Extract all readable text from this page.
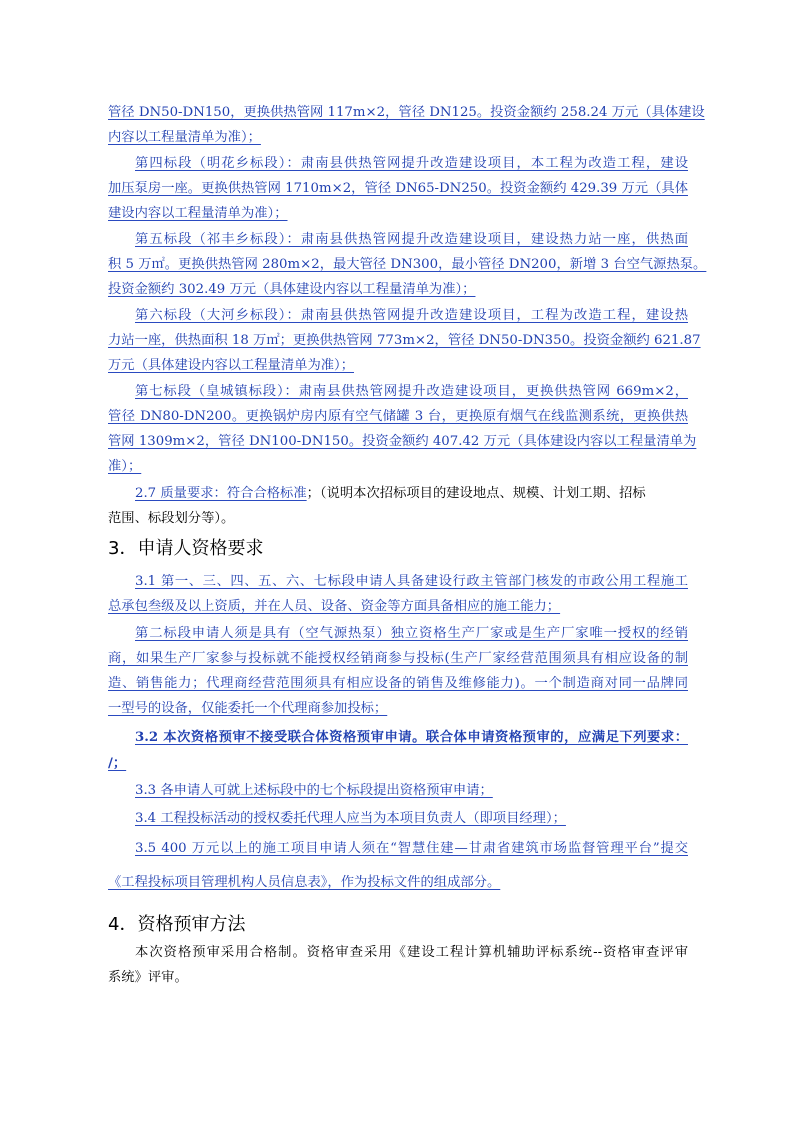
管径 DN50-DN150，更换供热管网 117m×2，管径 DN125。投资金额约 258.24 万元（具体建设
内容以工程量清单为准）；
第四标段（明花乡标段）：肃南县供热管网提升改造建设项目，本工程为改造工程，建设
加压泵房一座。更换供热管网 1710m×2，管径 DN65-DN250。投资金额约 429.39 万元（具体
建设内容以工程量清单为准）；
第五标段（祁丰乡标段）：肃南县供热管网提升改造建设项目，建设热力站一座，供热面
积 5 万㎡。更换供热管网 280m×2，最大管径 DN300，最小管径 DN200，新增 3 台空气源热泵。
投资金额约 302.49 万元（具体建设内容以工程量清单为准）；
第六标段（大河乡标段）：肃南县供热管网提升改造建设项目，工程为改造工程，建设热
力站一座，供热面积 18 万㎡；更换供热管网 773m×2，管径 DN50-DN350。投资金额约 621.87
万元（具体建设内容以工程量清单为准）；
第七标段（皇城镇标段）：肃南县供热管网提升改造建设项目，更换供热管网 669m×2，
管径 DN80-DN200。更换锅炉房内原有空气储罐 3 台，更换原有烟气在线监测系统，更换供热
管网 1309m×2，管径 DN100-DN150。投资金额约 407.42 万元（具体建设内容以工程量清单为
准）；
2.7 质量要求：符合合格标准；（说明本次招标项目的建设地点、规模、计划工期、招标
范围、标段划分等）。
3．申请人资格要求
3.1 第一、三、四、五、六、七标段申请人具备建设行政主管部门核发的市政公用工程施工
总承包叁级及以上资质，并在人员、设备、资金等方面具备相应的施工能力；
第二标段申请人须是具有（空气源热泵）独立资格生产厂家或是生产厂家唯一授权的经销
商，如果生产厂家参与投标就不能授权经销商参与投标(生产厂家经营范围须具有相应设备的制
造、销售能力；代理商经营范围须具有相应设备的销售及维修能力)。一个制造商对同一品牌同
一型号的设备，仅能委托一个代理商参加投标；
3.2 本次资格预审不接受联合体资格预审申请。联合体申请资格预审的，应满足下列要求：
/；
3.3 各申请人可就上述标段中的七个标段提出资格预审申请；
3.4 工程投标活动的授权委托代理人应当为本项目负责人（即项目经理）；
3.5 400 万元以上的施工项目申请人须在“智慧住建—甘肃省建筑市场监督管理平台”提交
《工程投标项目管理机构人员信息表》，作为投标文件的组成部分。
4．资格预审方法
本次资格预审采用合格制。资格审查采用《建设工程计算机辅助评标系统--资格审查评审
系统》评审。
